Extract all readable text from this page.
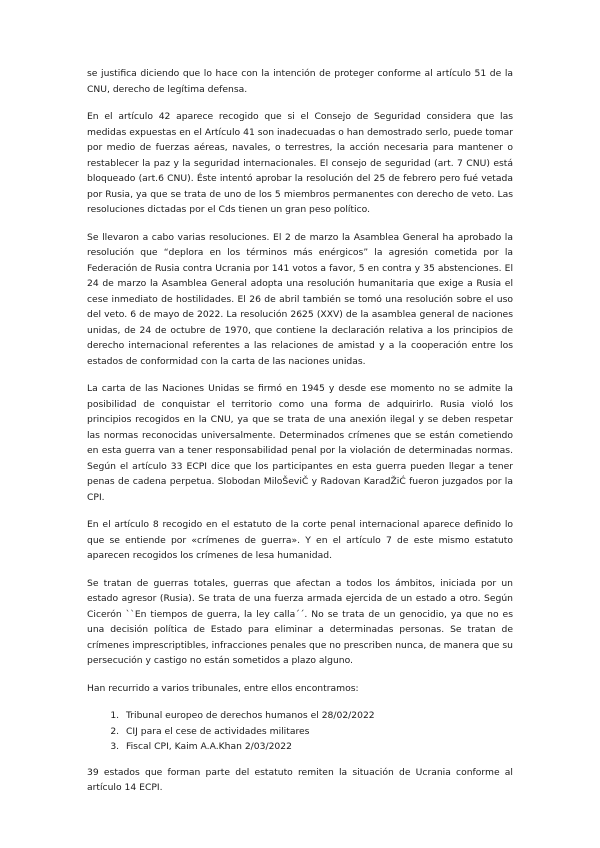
se justifica diciendo que lo hace con la intención de proteger conforme al artículo 51 de la CNU, derecho de legítima defensa.

En el artículo 42 aparece recogido que si el Consejo de Seguridad considera que las medidas expuestas en el Artículo 41 son inadecuadas o han demostrado serlo, puede tomar por medio de fuerzas aéreas, navales, o terrestres, la acción necesaria para mantener o restablecer la paz y la seguridad internacionales. El consejo de seguridad (art. 7 CNU) está bloqueado (art.6 CNU). Éste intentó aprobar la resolución del 25 de febrero pero fué vetada por Rusia, ya que se trata de uno de los 5 miembros permanentes con derecho de veto. Las resoluciones dictadas por el Cds tienen un gran peso político.

Se llevaron a cabo varias resoluciones. El 2 de marzo la Asamblea General ha aprobado la resolución que “deplora en los términos más enérgicos” la agresión cometida por la Federación de Rusia contra Ucrania por 141 votos a favor, 5 en contra y 35 abstenciones. El 24 de marzo la Asamblea General adopta una resolución humanitaria que exige a Rusia el cese inmediato de hostilidades. El 26 de abril también se tomó una resolución sobre el uso del veto. 6 de mayo de 2022. La resolución 2625 (XXV) de la asamblea general de naciones unidas, de 24 de octubre de 1970, que contiene la declaración relativa a los principios de derecho internacional referentes a las relaciones de amistad y a la cooperación entre los estados de conformidad con la carta de las naciones unidas.

La carta de las Naciones Unidas se firmó en 1945 y desde ese momento no se admite la posibilidad de conquistar el territorio como una forma de adquirirlo. Rusia violó los principios recogidos en la CNU, ya que se trata de una anexión ilegal y se deben respetar las normas reconocidas universalmente. Determinados crímenes que se están cometiendo en esta guerra van a tener responsabilidad penal por la violación de determinadas normas. Según el artículo 33 ECPI dice que los participantes en esta guerra pueden llegar a tener penas de cadena perpetua. Slobodan MiloŠeviČ y Radovan KaradŽiĆ fueron juzgados por la CPI.

En el artículo 8 recogido en el estatuto de la corte penal internacional aparece definido lo que se entiende por «crímenes de guerra». Y en el artículo 7 de este mismo estatuto aparecen recogidos los crímenes de lesa humanidad.

Se tratan de guerras totales, guerras que afectan a todos los ámbitos, iniciada por un estado agresor (Rusia). Se trata de una fuerza armada ejercida de un estado a otro. Según Cicerón ``En tiempos de guerra, la ley calla´´. No se trata de un genocidio, ya que no es una decisión política de Estado para eliminar a determinadas personas. Se tratan de crímenes imprescriptibles, infracciones penales que no prescriben nunca, de manera que su persecución y castigo no están sometidos a plazo alguno.

Han recurrido a varios tribunales, entre ellos encontramos:

1. Tribunal europeo de derechos humanos el 28/02/2022
2. CIJ para el cese de actividades militares
3. Fiscal CPI, Kaim A.A.Khan 2/03/2022

39 estados que forman parte del estatuto remiten la situación de Ucrania conforme al artículo 14 ECPI.
